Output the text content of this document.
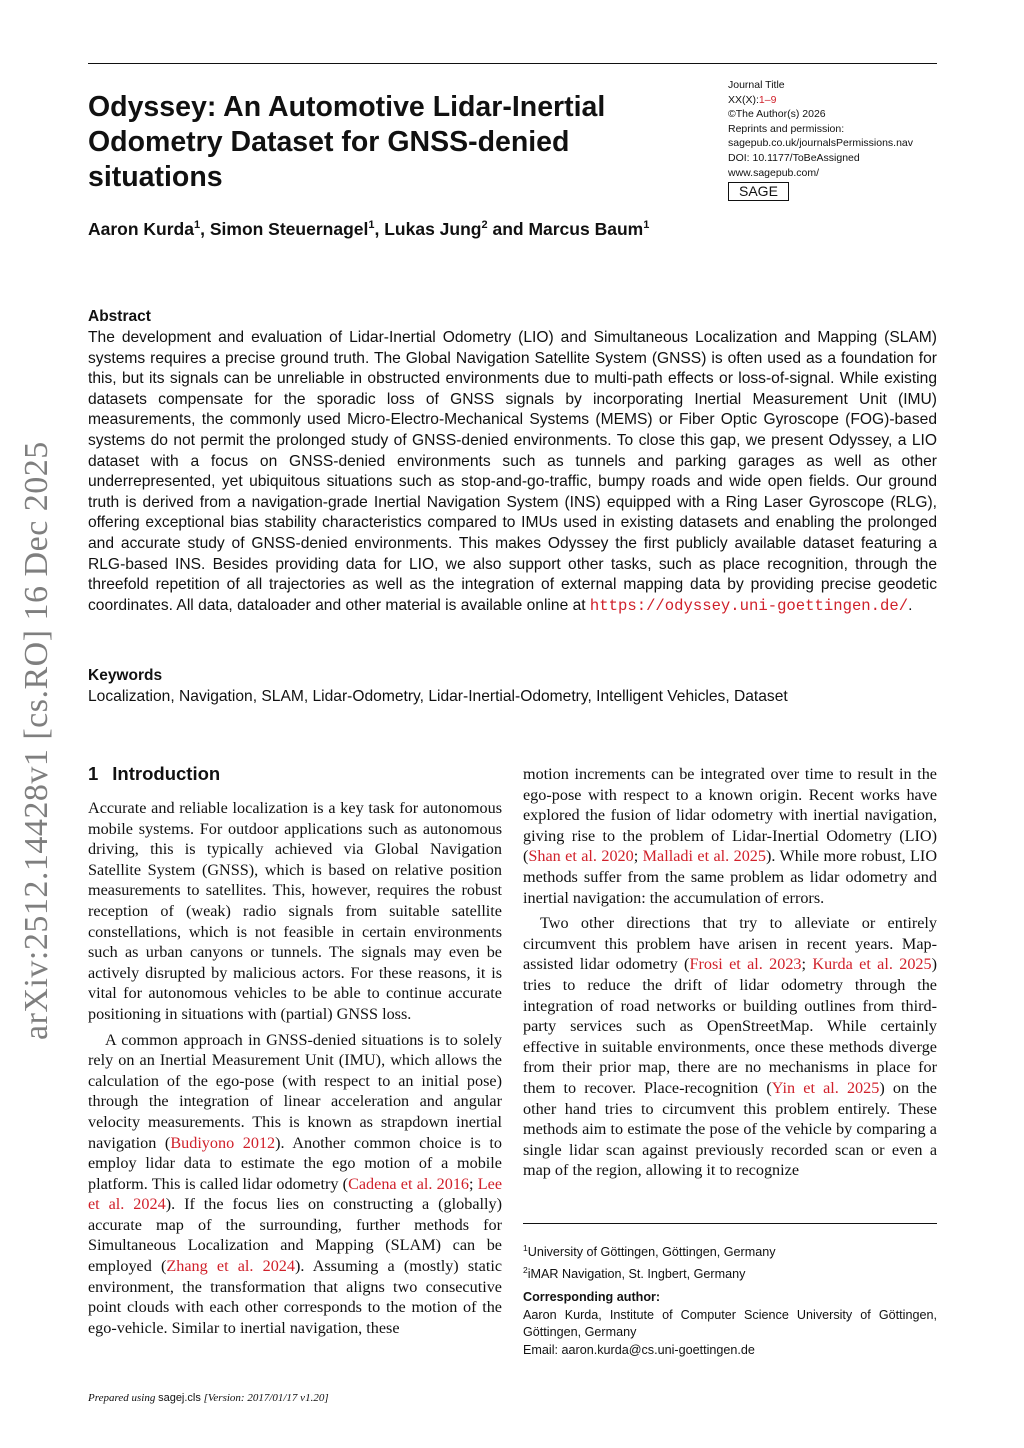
Journal Title
XX(X):1–9
©The Author(s) 2026
Reprints and permission:
sagepub.co.uk/journalsPermissions.nav
DOI: 10.1177/ToBeAssigned
www.sagepub.com/
SAGE
Odyssey: An Automotive Lidar-Inertial Odometry Dataset for GNSS-denied situations

Aaron Kurda$^1$, Simon Steuernagel$^1$, Lukas Jung$^2$ and Marcus Baum$^1$

Abstract

The development and evaluation of Lidar-Inertial Odometry (LIO) and Simultaneous Localization and Mapping (SLAM) systems requires a precise ground truth. The Global Navigation Satellite System (GNSS) is often used as a foundation for this, but its signals can be unreliable in obstructed environments due to multi-path effects or loss-of-signal. While existing datasets compensate for the sporadic loss of GNSS signals by incorporating Inertial Measurement Unit (IMU) measurements, the commonly used Micro-Electro-Mechanical Systems (MEMS) or Fiber Optic Gyroscope (FOG)-based systems do not permit the prolonged study of GNSS-denied environments. To close this gap, we present Odyssey, a LIO dataset with a focus on GNSS-denied environments such as tunnels and parking garages as well as other underrepresented, yet ubiquitous situations such as stop-and-go-traffic, bumpy roads and wide open fields. Our ground truth is derived from a navigation-grade Inertial Navigation System (INS) equipped with a Ring Laser Gyroscope (RLG), offering exceptional bias stability characteristics compared to IMUs used in existing datasets and enabling the prolonged and accurate study of GNSS-denied environments. This makes Odyssey the first publicly available dataset featuring a RLG-based INS. Besides providing data for LIO, we also support other tasks, such as place recognition, through the threefold repetition of all trajectories as well as the integration of external mapping data by providing precise geodetic coordinates. All data, dataloader and other material is available online at https://odyssey.uni-goettingen.de/.

Keywords

Localization, Navigation, SLAM, Lidar-Odometry, Lidar-Inertial-Odometry, Intelligent Vehicles, Dataset

arXiv:2512.14428v1 [cs.RO] 16 Dec 2025 1 Introduction

Accurate and reliable localization is a key task for autonomous mobile systems. For outdoor applications such as autonomous driving, this is typically achieved via Global Navigation Satellite System (GNSS), which is based on relative position measurements to satellites. This, however, requires the robust reception of (weak) radio signals from suitable satellite constellations, which is not feasible in certain environments such as urban canyons or tunnels. The signals may even be actively disrupted by malicious actors. For these reasons, it is vital for autonomous vehicles to be able to continue accurate positioning in situations with (partial) GNSS loss.

A common approach in GNSS-denied situations is to solely rely on an Inertial Measurement Unit (IMU), which allows the calculation of the ego-pose (with respect to an initial pose) through the integration of linear acceleration and angular velocity measurements. This is known as strapdown inertial navigation (Budiyono 2012). Another common choice is to employ lidar data to estimate the ego motion of a mobile platform. This is called lidar odometry (Cadena et al. 2016; Lee et al. 2024). If the focus lies on constructing a (globally) accurate map of the surrounding, further methods for Simultaneous Localization and Mapping (SLAM) can be employed (Zhang et al. 2024). Assuming a (mostly) static environment, the transformation that aligns two consecutive point clouds with each other corresponds to the motion of the ego-vehicle. Similar to inertial navigation, these

motion increments can be integrated over time to result in the ego-pose with respect to a known origin. Recent works have explored the fusion of lidar odometry with inertial navigation, giving rise to the problem of Lidar-Inertial Odometry (LIO) (Shan et al. 2020; Malladi et al. 2025). While more robust, LIO methods suffer from the same problem as lidar odometry and inertial navigation: the accumulation of errors.

Two other directions that try to alleviate or entirely circumvent this problem have arisen in recent years. Map-assisted lidar odometry (Frosi et al. 2023; Kurda et al. 2025) tries to reduce the drift of lidar odometry through the integration of road networks or building outlines from third-party services such as OpenStreetMap. While certainly effective in suitable environments, once these methods diverge from their prior map, there are no mechanisms in place for them to recover. Place-recognition (Yin et al. 2025) on the other hand tries to circumvent this problem entirely. These methods aim to estimate the pose of the vehicle by comparing a single lidar scan against previously recorded scan or even a map of the region, allowing it to recognize

$^1$University of Göttingen, Göttingen, Germany
$^2$iMAR Navigation, St. Ingbert, Germany
Corresponding author:
Aaron Kurda, Institute of Computer Science University of Göttingen, Göttingen, Germany
Email: aaron.kurda@cs.uni-goettingen.de
Prepared using sagej.cls [Version: 2017/01/17 v1.20]
